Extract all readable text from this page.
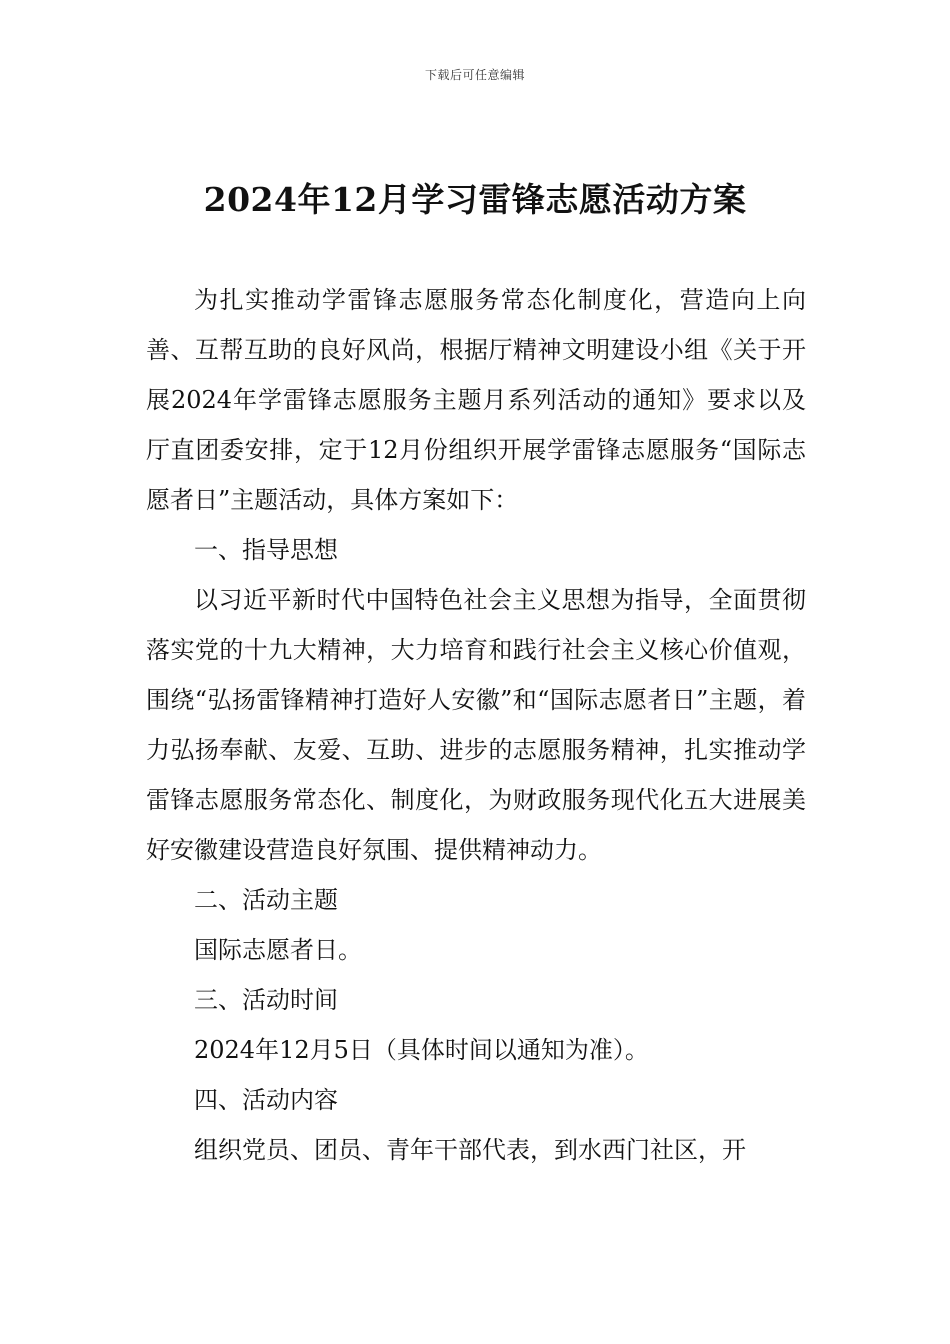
下载后可任意编辑
2024年12月学习雷锋志愿活动方案

为扎实推动学雷锋志愿服务常态化制度化，营造向上向善、互帮互助的良好风尚，根据厅精神文明建设小组《关于开展2024年学雷锋志愿服务主题月系列活动的通知》要求以及厅直团委安排，定于12月份组织开展学雷锋志愿服务“国际志愿者日”主题活动，具体方案如下：

一、指导思想

以习近平新时代中国特色社会主义思想为指导，全面贯彻落实党的十九大精神，大力培育和践行社会主义核心价值观，围绕“弘扬雷锋精神打造好人安徽”和“国际志愿者日”主题，着力弘扬奉献、友爱、互助、进步的志愿服务精神，扎实推动学雷锋志愿服务常态化、制度化，为财政服务现代化五大进展美好安徽建设营造良好氛围、提供精神动力。

二、活动主题

国际志愿者日。

三、活动时间

2024年12月5日（具体时间以通知为准）。

四、活动内容

组织党员、团员、青年干部代表，到水西门社区，开
